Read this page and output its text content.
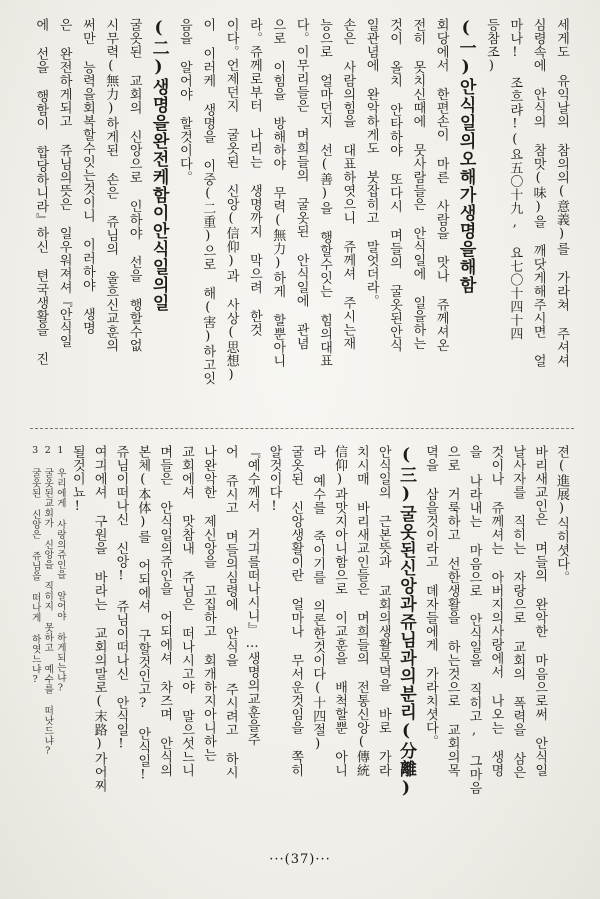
세게도 유익날의 참의의(意義)를 가라쳐 주셔셔
심령속에 안식의 참맛(味)을 깨닷게해주시면 얼
마나! 조흐랴!(요五〇十九, 요七〇十四十四
등참조)
(一)안식일의오해가생명을해함
회당에서 한편손이 마른 사람을 맛나 쥬께셔온
전히 못치신때에 뭇사람들은 안식일에 일을하는
것이 올치 안타하야 또다시 며들의 굴옷된안식
일관념에 완악하게도 붓잡히고 말엇더라。
손은 사람의힘을 대표하엿으니 쥬께셔 주시는재
능으로 얼마던지 선(善)을 행할수잇는 힘의대표
다。이무리들은 며희들의 굴옷된 안식일에 관념
으로 이힘을 방해하야 무력(無力)하게 할뿐아니
라。쥬께로부터 나리는 생명까지 막으려 한것
이다。언제던지 굴옷된 신앙(信仰)과 사상(思想)
이 이러케 생명을 이중(二重)으로 해(害)하고잇
음을 알어야 할것이다。
(二)생명을완전케함이안식일의일
굴옷된 교회의 신앙으로 인하야 선을 행할수없
시무력(無力)하게된 손은 쥬님의 울흐신교훈의
써만 능력을회복할수잇는것이니 이러하야 생명
은 완전하게되고 쥬님의뜻은 일우워져셔『안식일
에 선을 행함이 합당하니라』하신 텬국생활을 진
젼(進展)식히셧다。
바리새교인은 며들의 완악한 마음으로써 안식일
날사자를 직히는 자랑으로 교회의 폭력을 삼은
것이나 쥬께셔는 아버지의사랑에서 나오는 생명
을 나라내는 마음으로 안식일을 직히고, 그마음
으로 거룩하고 선한생활을 하는것으로 교회의목
뎍을 삼을것이라고 뎨자들에게 가라치셧다。
(三)굴옷된신앙과쥬님과의분리(分離)
안식일의 근본뜻과 교회의생활목뎍을 바로 가라
치시매 바리새교인들은 며희들의 전통신앙(傳統
信仰)과맛지아니함으로 이교훈을 배척할뿐 아니
라 예수를 죽이기를 의론한것이다(十四절)
굴옷된 신앙생활이란 얼마나 무서운것임을 쪽히
알것이다!
『예수께서 거긔를떠나시니』…생명의교훈을주
어 쥬시고 며들의심령에 안식을 주시려고 하시
나완악한 제신앙을 고집하고 회개하지아니하는
교회에셔 맛참내 쥬님은 떠나시고야 말으섯느니
며들은 안식일의쥬인을 어되에셔 차즈며 안식의
본체(本体)를 어되에셔 구할것인고? 안식일!
쥬님이떠나신 신앙! 쥬님이떠나신 안식일!
여긔에셔 구원을 바라는 교회의말로(末路)가어찌
될것이뇨!
1 우리에게 사랑의쥬인을 알어야 하게되는냐?
2 굴옷된교회가 신앙을 직히지 못하고 예수를 떠낫드냐?
3 굴옷된 신앙은 쥬님을 떠나게 하엿느냐?
···(37)···
